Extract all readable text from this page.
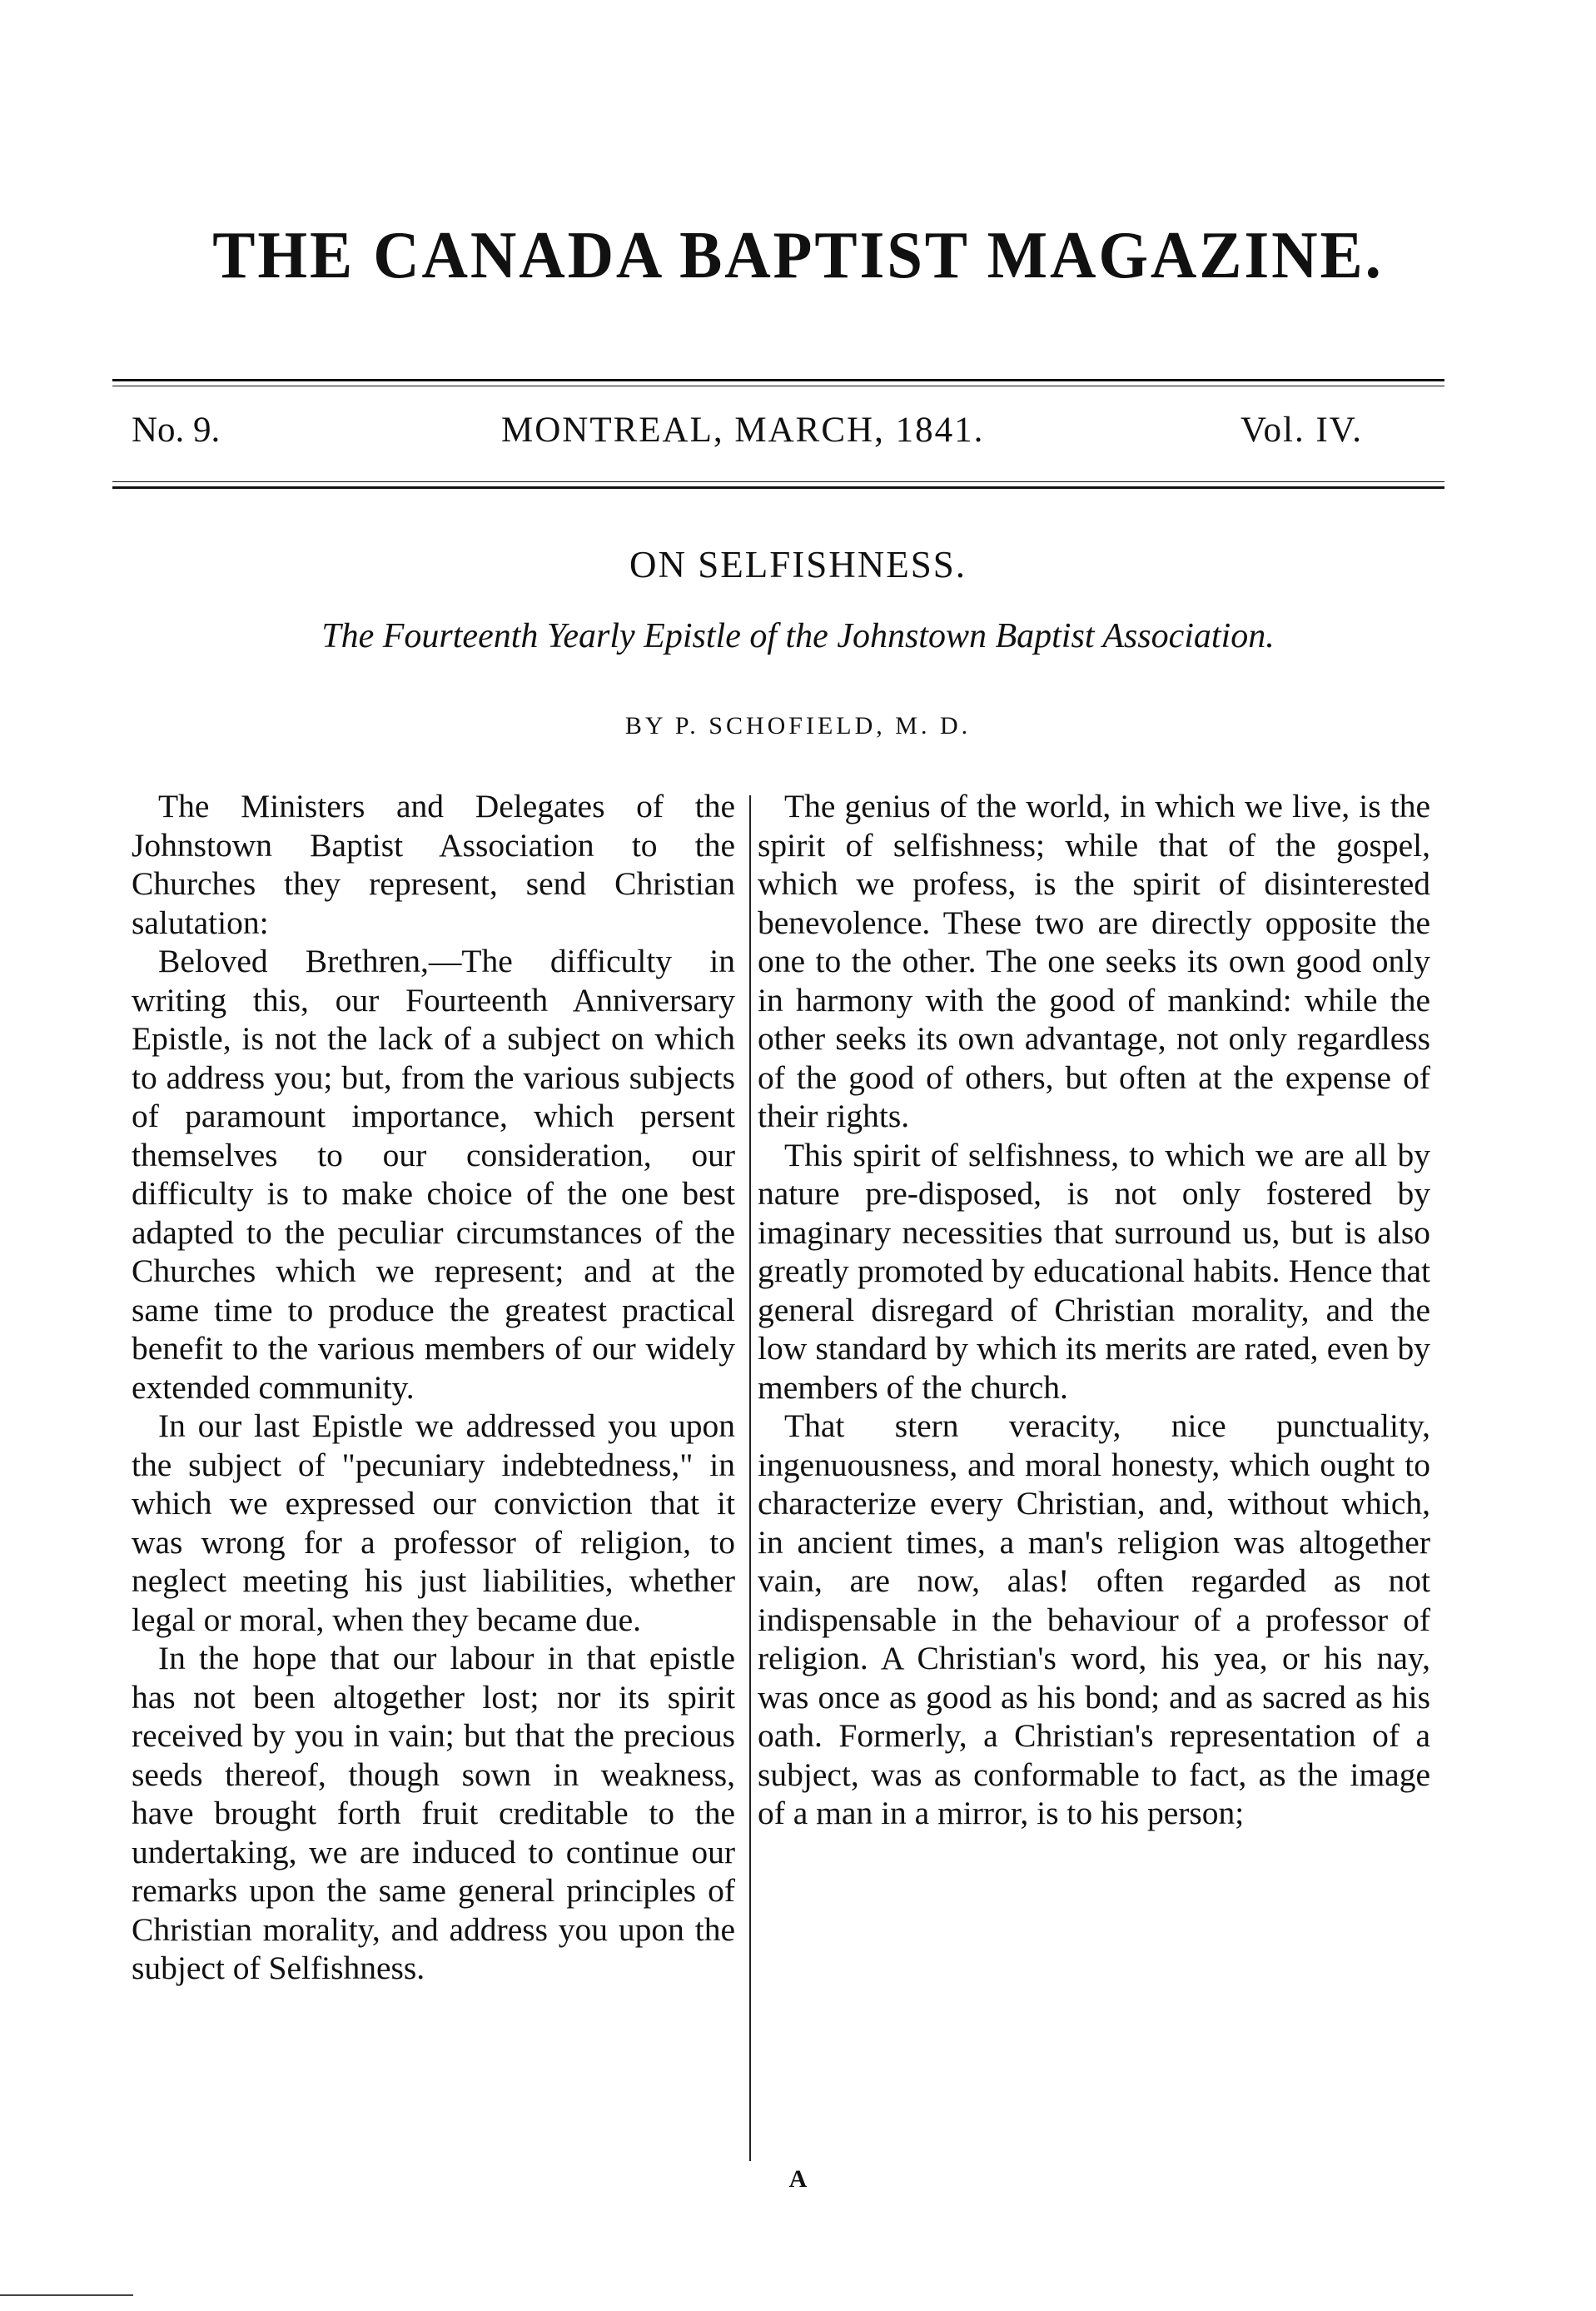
THE CANADA BAPTIST MAGAZINE.
No. 9.	MONTREAL, MARCH, 1841.	Vol. IV.
ON SELFISHNESS.
The Fourteenth Yearly Epistle of the Johnstown Baptist Association.
BY P. SCHOFIELD, M. D.

The Ministers and Delegates of the Johnstown Baptist Association to the Churches they represent, send Christian salutation:

Beloved Brethren,—The difficulty in writing this, our Fourteenth Anniversary Epistle, is not the lack of a subject on which to address you; but, from the various subjects of paramount importance, which persent themselves to our consideration, our difficulty is to make choice of the one best adapted to the peculiar circumstances of the Churches which we represent; and at the same time to produce the greatest practical benefit to the various members of our widely extended community.

In our last Epistle we addressed you upon the subject of "pecuniary indebtedness," in which we expressed our conviction that it was wrong for a professor of religion, to neglect meeting his just liabilities, whether legal or moral, when they became due.

In the hope that our labour in that epistle has not been altogether lost; nor its spirit received by you in vain; but that the precious seeds thereof, though sown in weakness, have brought forth fruit creditable to the undertaking, we are induced to continue our remarks upon the same general principles of Christian morality, and address you upon the subject of Selfishness.

The genius of the world, in which we live, is the spirit of selfishness; while that of the gospel, which we profess, is the spirit of disinterested benevolence. These two are directly opposite the one to the other. The one seeks its own good only in harmony with the good of mankind: while the other seeks its own advantage, not only regardless of the good of others, but often at the expense of their rights.

This spirit of selfishness, to which we are all by nature pre-disposed, is not only fostered by imaginary necessities that surround us, but is also greatly promoted by educational habits. Hence that general disregard of Christian morality, and the low standard by which its merits are rated, even by members of the church.

That stern veracity, nice punctuality, ingenuousness, and moral honesty, which ought to characterize every Christian, and, without which, in ancient times, a man's religion was altogether vain, are now, alas! often regarded as not indispensable in the behaviour of a professor of religion. A Christian's word, his yea, or his nay, was once as good as his bond; and as sacred as his oath. Formerly, a Christian's representation of a subject, was as conformable to fact, as the image of a man in a mirror, is to his person;

A
